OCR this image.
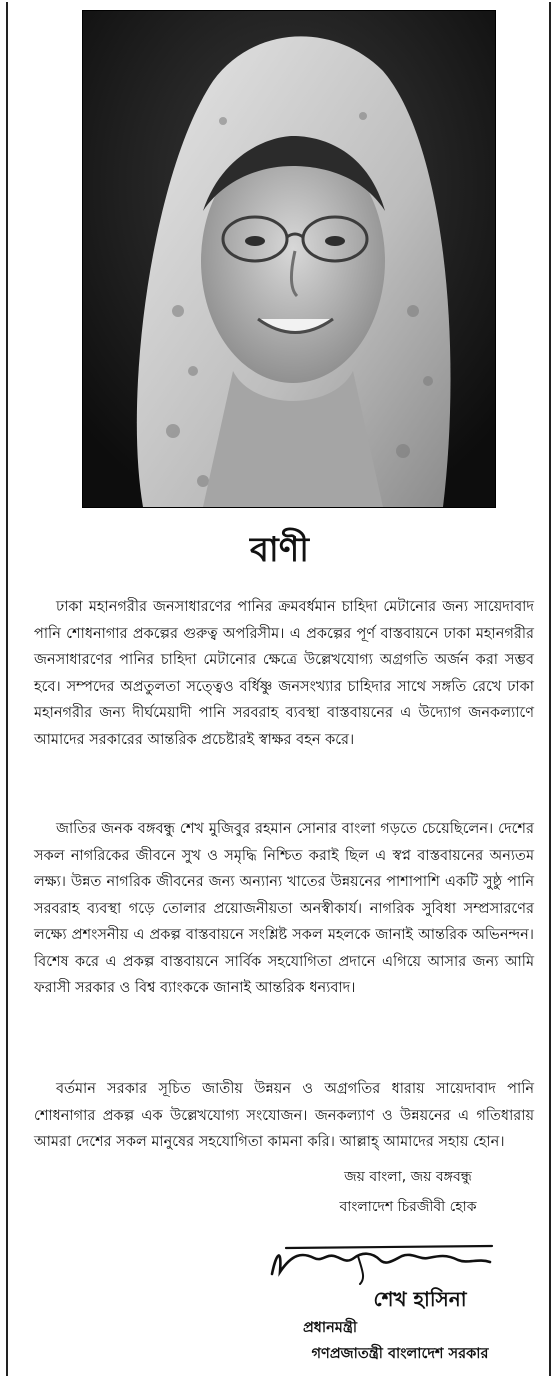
বাণী

ঢাকা মহানগরীর জনসাধারণের পানির ক্রমবর্ধমান চাহিদা মেটানোর জন্য সায়েদাবাদ পানি শোধনাগার প্রকল্পের গুরুত্ব অপরিসীম। এ প্রকল্পের পূর্ণ বাস্তবায়নে ঢাকা মহানগরীর জনসাধারণের পানির চাহিদা মেটানোর ক্ষেত্রে উল্লেখযোগ্য অগ্রগতি অর্জন করা সম্ভব হবে। সম্পদের অপ্রতুলতা সত্ত্বেও বর্ধিষ্ণু জনসংখ্যার চাহিদার সাথে সঙ্গতি রেখে ঢাকা মহানগরীর জন্য দীর্ঘমেয়াদী পানি সরবরাহ ব্যবস্থা বাস্তবায়নের এ উদ্যোগ জনকল্যাণে আমাদের সরকারের আন্তরিক প্রচেষ্টারই স্বাক্ষর বহন করে।

জাতির জনক বঙ্গবন্ধু শেখ মুজিবুর রহমান সোনার বাংলা গড়তে চেয়েছিলেন। দেশের সকল নাগরিকের জীবনে সুখ ও সমৃদ্ধি নিশ্চিত করাই ছিল এ স্বপ্ন বাস্তবায়নের অন্যতম লক্ষ্য। উন্নত নাগরিক জীবনের জন্য অন্যান্য খাতের উন্নয়নের পাশাপাশি একটি সুষ্ঠু পানি সরবরাহ ব্যবস্থা গড়ে তোলার প্রয়োজনীয়তা অনস্বীকার্য। নাগরিক সুবিধা সম্প্রসারণের লক্ষ্যে প্রশংসনীয় এ প্রকল্প বাস্তবায়নে সংশ্লিষ্ট সকল মহলকে জানাই আন্তরিক অভিনন্দন। বিশেষ করে এ প্রকল্প বাস্তবায়নে সার্বিক সহযোগিতা প্রদানে এগিয়ে আসার জন্য আমি ফরাসী সরকার ও বিশ্ব ব্যাংককে জানাই আন্তরিক ধন্যবাদ।

বর্তমান সরকার সূচিত জাতীয় উন্নয়ন ও অগ্রগতির ধারায় সায়েদাবাদ পানি শোধনাগার প্রকল্প এক উল্লেখযোগ্য সংযোজন। জনকল্যাণ ও উন্নয়নের এ গতিধারায় আমরা দেশের সকল মানুষের সহযোগিতা কামনা করি। আল্লাহ্ আমাদের সহায় হোন।

জয় বাংলা, জয় বঙ্গবন্ধু
বাংলাদেশ চিরজীবী হোক
শেখ হাসিনা
প্রধানমন্ত্রী
গণপ্রজাতন্ত্রী বাংলাদেশ সরকার
